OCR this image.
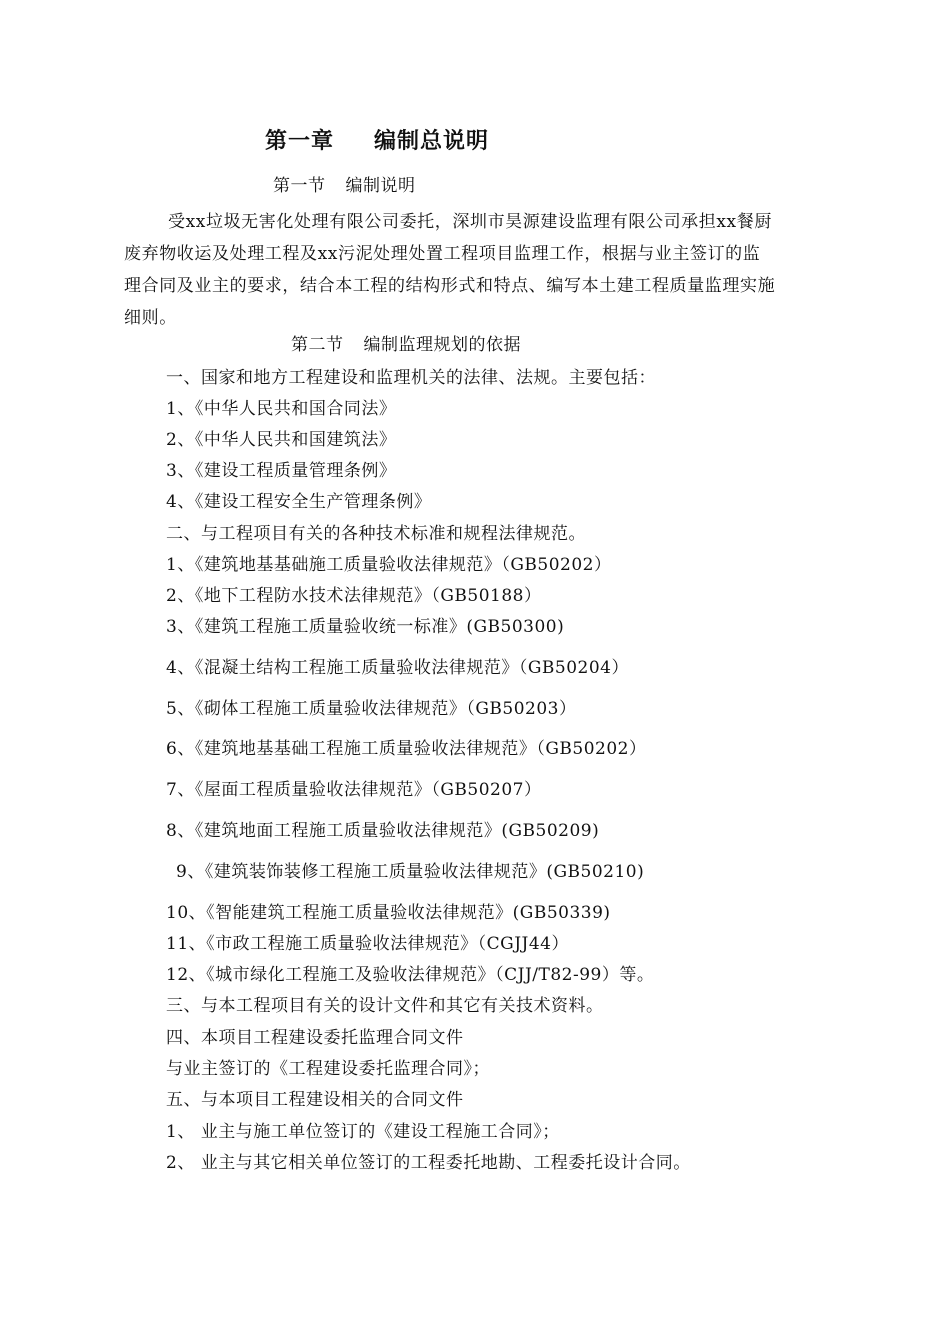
第一章 编制总说明
第一节 编制说明
受xx垃圾无害化处理有限公司委托，深圳市昊源建设监理有限公司承担xx餐厨
废弃物收运及处理工程及xx污泥处理处置工程项目监理工作，根据与业主签订的监
理合同及业主的要求，结合本工程的结构形式和特点、编写本土建工程质量监理实施
细则。
第二节 编制监理规划的依据
一、国家和地方工程建设和监理机关的法律、法规。主要包括：
1、《中华人民共和国合同法》
2、《中华人民共和国建筑法》
3、《建设工程质量管理条例》
4、《建设工程安全生产管理条例》
二、与工程项目有关的各种技术标准和规程法律规范。
1、《建筑地基基础施工质量验收法律规范》（GB50202）
2、《地下工程防水技术法律规范》（GB50188）
3、《建筑工程施工质量验收统一标准》(GB50300)
4、《混凝土结构工程施工质量验收法律规范》（GB50204）
5、《砌体工程施工质量验收法律规范》（GB50203）
6、《建筑地基基础工程施工质量验收法律规范》（GB50202）
7、《屋面工程质量验收法律规范》（GB50207）
8、《建筑地面工程施工质量验收法律规范》(GB50209)
9、《建筑装饰装修工程施工质量验收法律规范》(GB50210)
10、《智能建筑工程施工质量验收法律规范》(GB50339)
11、《市政工程施工质量验收法律规范》（CGJJ44）
12、《城市绿化工程施工及验收法律规范》（CJJ/T82-99）等。
三、与本工程项目有关的设计文件和其它有关技术资料。
四、本项目工程建设委托监理合同文件
与业主签订的《工程建设委托监理合同》；
五、与本项目工程建设相关的合同文件
1、 业主与施工单位签订的《建设工程施工合同》；
2、 业主与其它相关单位签订的工程委托地勘、工程委托设计合同。
